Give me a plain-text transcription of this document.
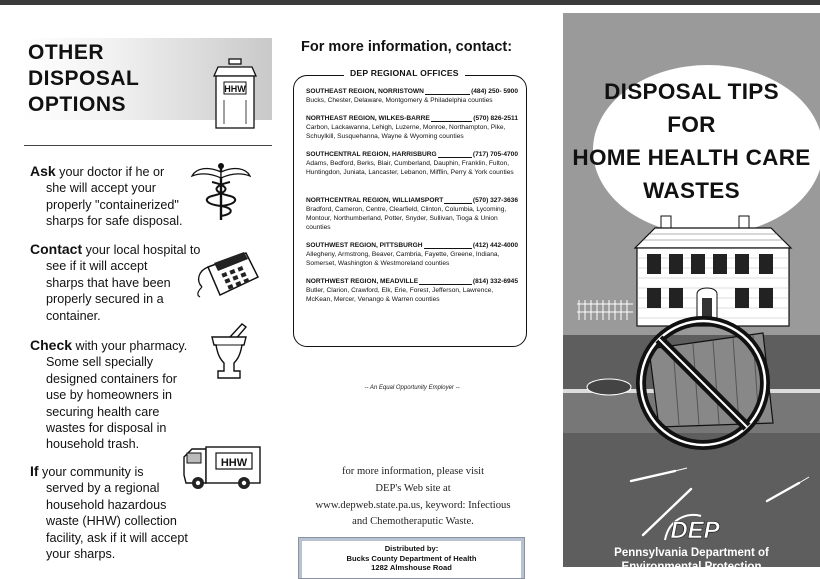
OTHER
DISPOSAL
OPTIONS
HHW
Ask your doctor if he or
she will accept your
properly "containerized"
sharps for safe disposal.
Contact your local hospital to
see if it will accept
sharps that have been
properly secured in a
container.
Check with your pharmacy.
Some sell specially
designed containers for
use by homeowners in
securing health care
wastes for disposal in
household trash.
If your community is
served by a regional
household hazardous
waste (HHW) collection
facility, ask if it will accept
your sharps.
HHW
For more information, contact:
DEP REGIONAL OFFICES
SOUTHEAST REGION, NORRISTOWN	(484) 250- 5900
Bucks, Chester, Delaware, Montgomery & Philadelphia counties
NORTHEAST REGION, WILKES-BARRE	(570) 826-2511
Carbon, Lackawanna, Lehigh, Luzerne, Monroe, Northampton, Pike, Schuylkill, Susquehanna, Wayne & Wyoming counties
SOUTHCENTRAL REGION, HARRISBURG	(717) 705-4700
Adams, Bedford, Berks, Blair, Cumberland, Dauphin, Franklin, Fulton, Huntingdon, Juniata, Lancaster, Lebanon, Mifflin, Perry & York counties
NORTHCENTRAL REGION, WILLIAMSPORT	(570) 327-3636
Bradford, Cameron, Centre, Clearfield, Clinton, Columbia, Lycoming, Montour, Northumberland, Potter, Snyder, Sullivan, Tioga & Union counties
SOUTHWEST REGION, PITTSBURGH	(412) 442-4000
Allegheny, Armstrong, Beaver, Cambria, Fayette, Greene, Indiana, Somerset, Washington & Westmoreland counties
NORTHWEST REGION, MEADVILLE	(814) 332-6945
Butler, Clarion, Crawford, Elk, Erie, Forest, Jefferson, Lawrence, McKean, Mercer, Venango & Warren counties
-- An Equal Opportunity Employer --
for more information, please visit
DEP's Web site at
www.depweb.state.pa.us, keyword: Infectious
and Chemotheraputic Waste.
Distributed by:
Bucks County Department of Health
1282 Almshouse Road
DISPOSAL TIPS
FOR
HOME HEALTH CARE
WASTES
DEP
Pennsylvania Department of
Environmental Protection
